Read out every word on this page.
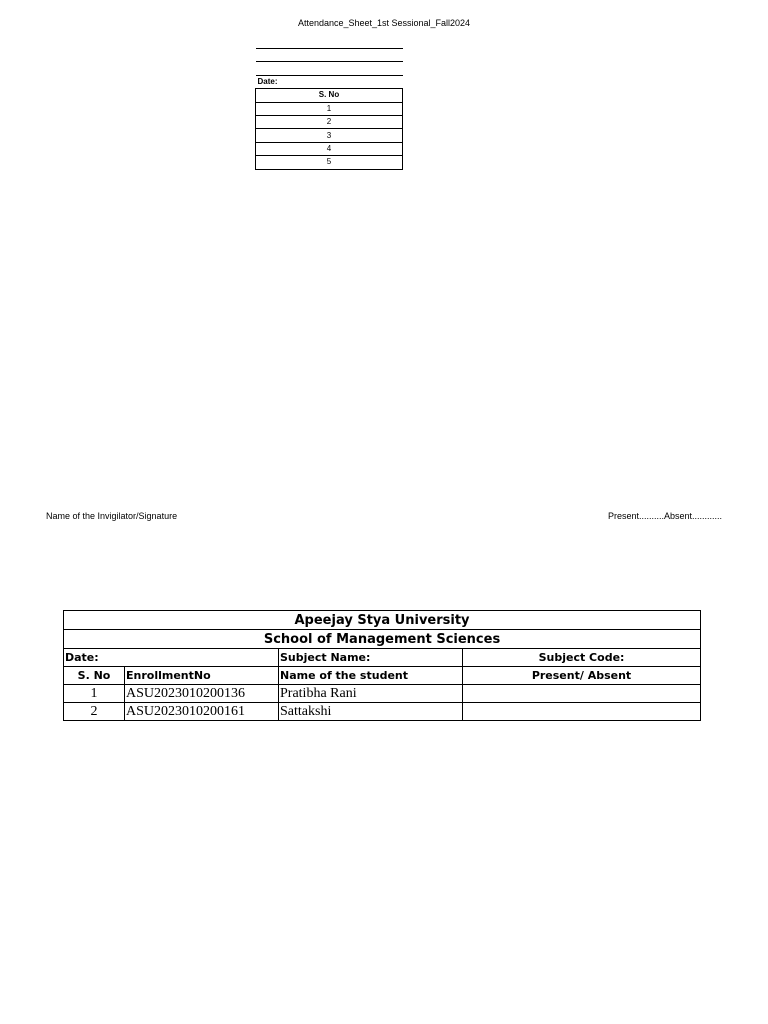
Attendance_Sheet_1st Sessional_Fall2024

Date:
S. No
1
2
3
4
5
Name of the Invigilator/Signature	Present..........Absent............
Apeejay Stya University			
School of Management Sciences			
Date:		Subject Name:	Subject Code:
S. No	EnrollmentNo	Name of the student	Present/ Absent
1	ASU2023010200136	Pratibha Rani	
2	ASU2023010200161	Sattakshi	
